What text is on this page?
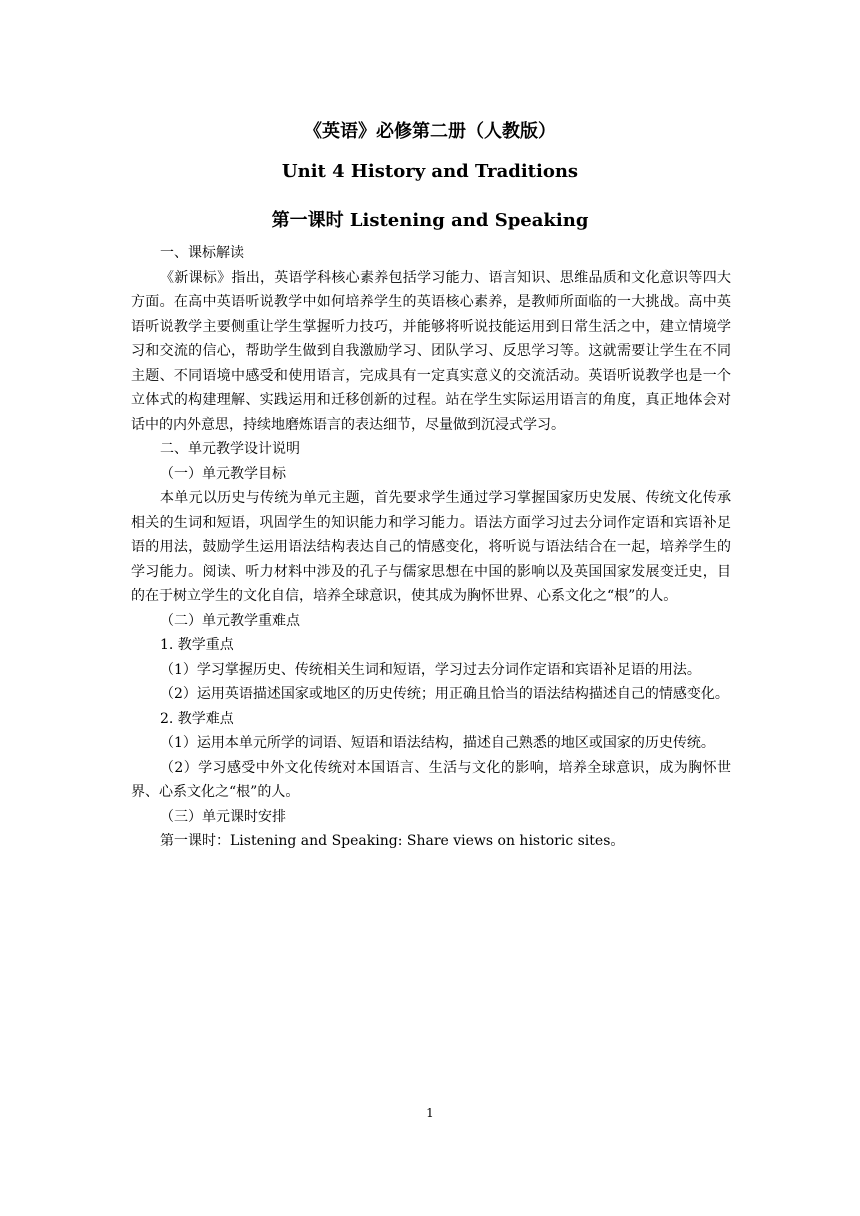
《英语》必修第二册（人教版）
Unit 4 History and Traditions
第一课时 Listening and Speaking

一、课标解读

《新课标》指出，英语学科核心素养包括学习能力、语言知识、思维品质和文化意识等四大方面。在高中英语听说教学中如何培养学生的英语核心素养，是教师所面临的一大挑战。高中英语听说教学主要侧重让学生掌握听力技巧，并能够将听说技能运用到日常生活之中，建立情境学习和交流的信心，帮助学生做到自我激励学习、团队学习、反思学习等。这就需要让学生在不同主题、不同语境中感受和使用语言，完成具有一定真实意义的交流活动。英语听说教学也是一个立体式的构建理解、实践运用和迁移创新的过程。站在学生实际运用语言的角度，真正地体会对话中的内外意思，持续地磨炼语言的表达细节，尽量做到沉浸式学习。

二、单元教学设计说明

（一）单元教学目标

本单元以历史与传统为单元主题，首先要求学生通过学习掌握国家历史发展、传统文化传承相关的生词和短语，巩固学生的知识能力和学习能力。语法方面学习过去分词作定语和宾语补足语的用法，鼓励学生运用语法结构表达自己的情感变化，将听说与语法结合在一起，培养学生的学习能力。阅读、听力材料中涉及的孔子与儒家思想在中国的影响以及英国国家发展变迁史，目的在于树立学生的文化自信，培养全球意识，使其成为胸怀世界、心系文化之“根”的人。

（二）单元教学重难点

1. 教学重点

（1）学习掌握历史、传统相关生词和短语，学习过去分词作定语和宾语补足语的用法。

（2）运用英语描述国家或地区的历史传统；用正确且恰当的语法结构描述自己的情感变化。

2. 教学难点

（1）运用本单元所学的词语、短语和语法结构，描述自己熟悉的地区或国家的历史传统。

（2）学习感受中外文化传统对本国语言、生活与文化的影响，培养全球意识，成为胸怀世界、心系文化之“根”的人。

（三）单元课时安排

第一课时：Listening and Speaking: Share views on historic sites。

1
